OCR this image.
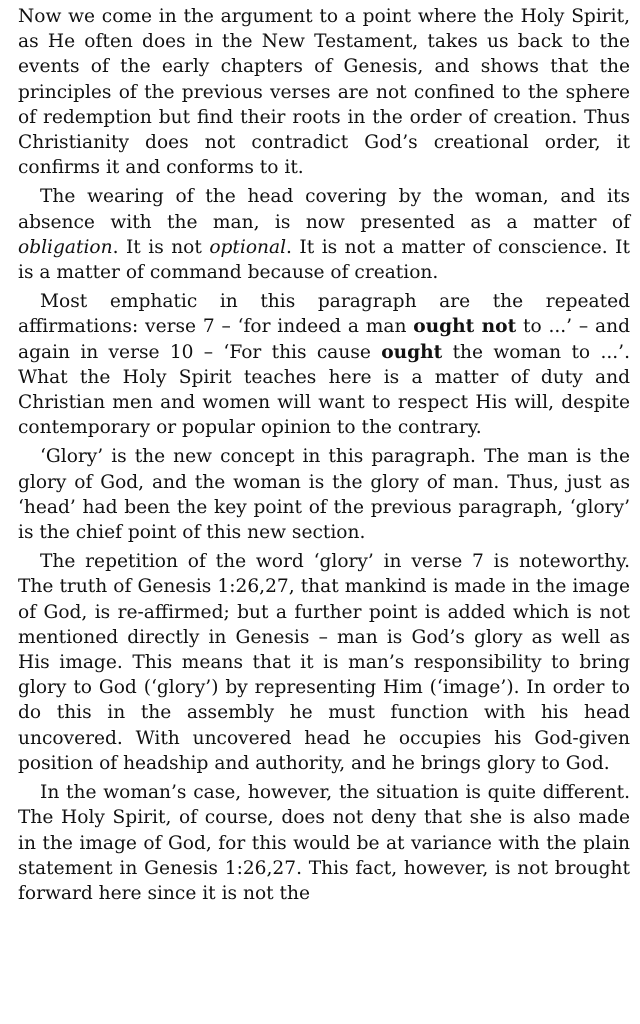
Now we come in the argument to a point where the Holy Spirit, as He often does in the New Testament, takes us back to the events of the early chapters of Genesis, and shows that the principles of the previous verses are not confined to the sphere of redemption but find their roots in the order of creation. Thus Christianity does not contradict God’s creational order, it confirms it and conforms to it.

The wearing of the head covering by the woman, and its absence with the man, is now presented as a matter of obligation. It is not optional. It is not a matter of conscience. It is a matter of command because of creation.

Most emphatic in this paragraph are the repeated affirmations: verse 7 – ‘for indeed a man ought not to ...’ – and again in verse 10 – ‘For this cause ought the woman to ...’. What the Holy Spirit teaches here is a matter of duty and Christian men and women will want to respect His will, despite contemporary or popular opinion to the contrary.

‘Glory’ is the new concept in this paragraph. The man is the glory of God, and the woman is the glory of man. Thus, just as ‘head’ had been the key point of the previous paragraph, ‘glory’ is the chief point of this new section.

The repetition of the word ‘glory’ in verse 7 is noteworthy. The truth of Genesis 1:26,27, that mankind is made in the image of God, is re-affirmed; but a further point is added which is not mentioned directly in Genesis – man is God’s glory as well as His image. This means that it is man’s responsibility to bring glory to God (‘glory’) by representing Him (‘image’). In order to do this in the assembly he must function with his head uncovered. With uncovered head he occupies his God-given position of headship and authority, and he brings glory to God.

In the woman’s case, however, the situation is quite different. The Holy Spirit, of course, does not deny that she is also made in the image of God, for this would be at variance with the plain statement in Genesis 1:26,27. This fact, however, is not brought forward here since it is not the
